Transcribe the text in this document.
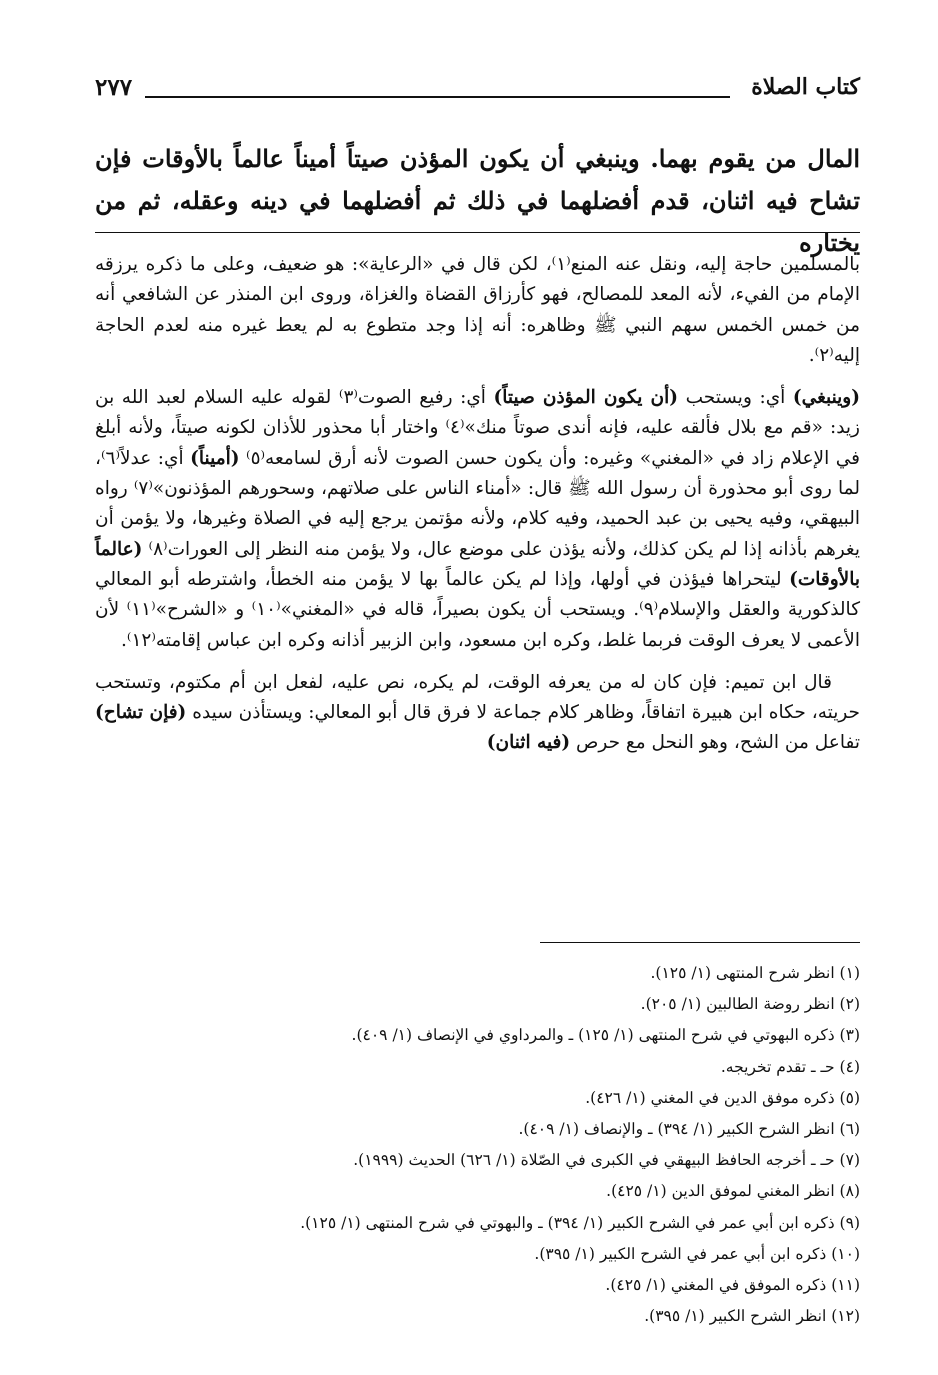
٢٧٧	كتاب الصلاة

المال من يقوم بهما. وينبغي أن يكون المؤذن صيتاً أميناً عالماً بالأوقات فإن

تشاح فيه اثنان، قدم أفضلهما في ذلك ثم أفضلهما في دينه وعقله، ثم من يختاره

بالمسلمين حاجة إليه، ونقل عنه المنع⁽١⁾، لكن قال في «الرعاية»: هو ضعيف، وعلى ما ذكره يرزقه الإمام من الفيء، لأنه المعد للمصالح، فهو كأرزاق القضاة والغزاة، وروى ابن المنذر عن الشافعي أنه من خمس الخمس سهم النبي ﷺ وظاهره: أنه إذا وجد متطوع به لم يعط غيره منه لعدم الحاجة إليه⁽٢⁾.

(وينبغي) أي: ويستحب (أن يكون المؤذن صيتاً) أي: رفيع الصوت⁽٣⁾ لقوله عليه السلام لعبد الله بن زيد: «قم مع بلال فألقه عليه، فإنه أندى صوتاً منك»⁽٤⁾ واختار أبا محذور للأذان لكونه صيتاً، ولأنه أبلغ في الإعلام زاد في «المغني» وغيره: وأن يكون حسن الصوت لأنه أرق لسامعه⁽٥⁾ (أميناً) أي: عدلاً⁽٦⁾، لما روى أبو محذورة أن رسول الله ﷺ قال: «أمناء الناس على صلاتهم، وسحورهم المؤذنون»⁽٧⁾ رواه البيهقي، وفيه يحيى بن عبد الحميد، وفيه كلام، ولأنه مؤتمن يرجع إليه في الصلاة وغيرها، ولا يؤمن أن يغرهم بأذانه إذا لم يكن كذلك، ولأنه يؤذن على موضع عال، ولا يؤمن منه النظر إلى العورات⁽٨⁾ (عالماً بالأوقات) ليتحراها فيؤذن في أولها، وإذا لم يكن عالماً بها لا يؤمن منه الخطأ، واشترطه أبو المعالي كالذكورية والعقل والإسلام⁽٩⁾. ويستحب أن يكون بصيراً، قاله في «المغني»⁽١٠⁾ و «الشرح»⁽١١⁾ لأن الأعمى لا يعرف الوقت فربما غلط، وكره ابن مسعود، وابن الزبير أذانه وكره ابن عباس إقامته⁽١٢⁾.

قال ابن تميم: فإن كان له من يعرفه الوقت، لم يكره، نص عليه، لفعل ابن أم مكتوم، وتستحب حريته، حكاه ابن هبيرة اتفاقاً، وظاهر كلام جماعة لا فرق قال أبو المعالي: ويستأذن سيده (فإن تشاح) تفاعل من الشح، وهو النحل مع حرص (فيه اثنان)

(١) انظر شرح المنتهى (١/ ١٢٥).
(٢) انظر روضة الطالبين (١/ ٢٠٥).
(٣) ذكره البهوتي في شرح المنتهى (١/ ١٢٥) ـ والمرداوي في الإنصاف (١/ ٤٠٩).
(٤) حـ ـ تقدم تخريجه.
(٥) ذكره موفق الدين في المغني (١/ ٤٢٦).
(٦) انظر الشرح الكبير (١/ ٣٩٤) ـ والإنصاف (١/ ٤٠٩).
(٧) حـ ـ أخرجه الحافظ البيهقي في الكبرى في الصّلاة (١/ ٦٢٦) الحديث (١٩٩٩).
(٨) انظر المغني لموفق الدين (١/ ٤٢٥).
(٩) ذكره ابن أبي عمر في الشرح الكبير (١/ ٣٩٤) ـ والبهوتي في شرح المنتهى (١/ ١٢٥).
(١٠) ذكره ابن أبي عمر في الشرح الكبير (١/ ٣٩٥).
(١١) ذكره الموفق في المغني (١/ ٤٢٥).
(١٢) انظر الشرح الكبير (١/ ٣٩٥).
